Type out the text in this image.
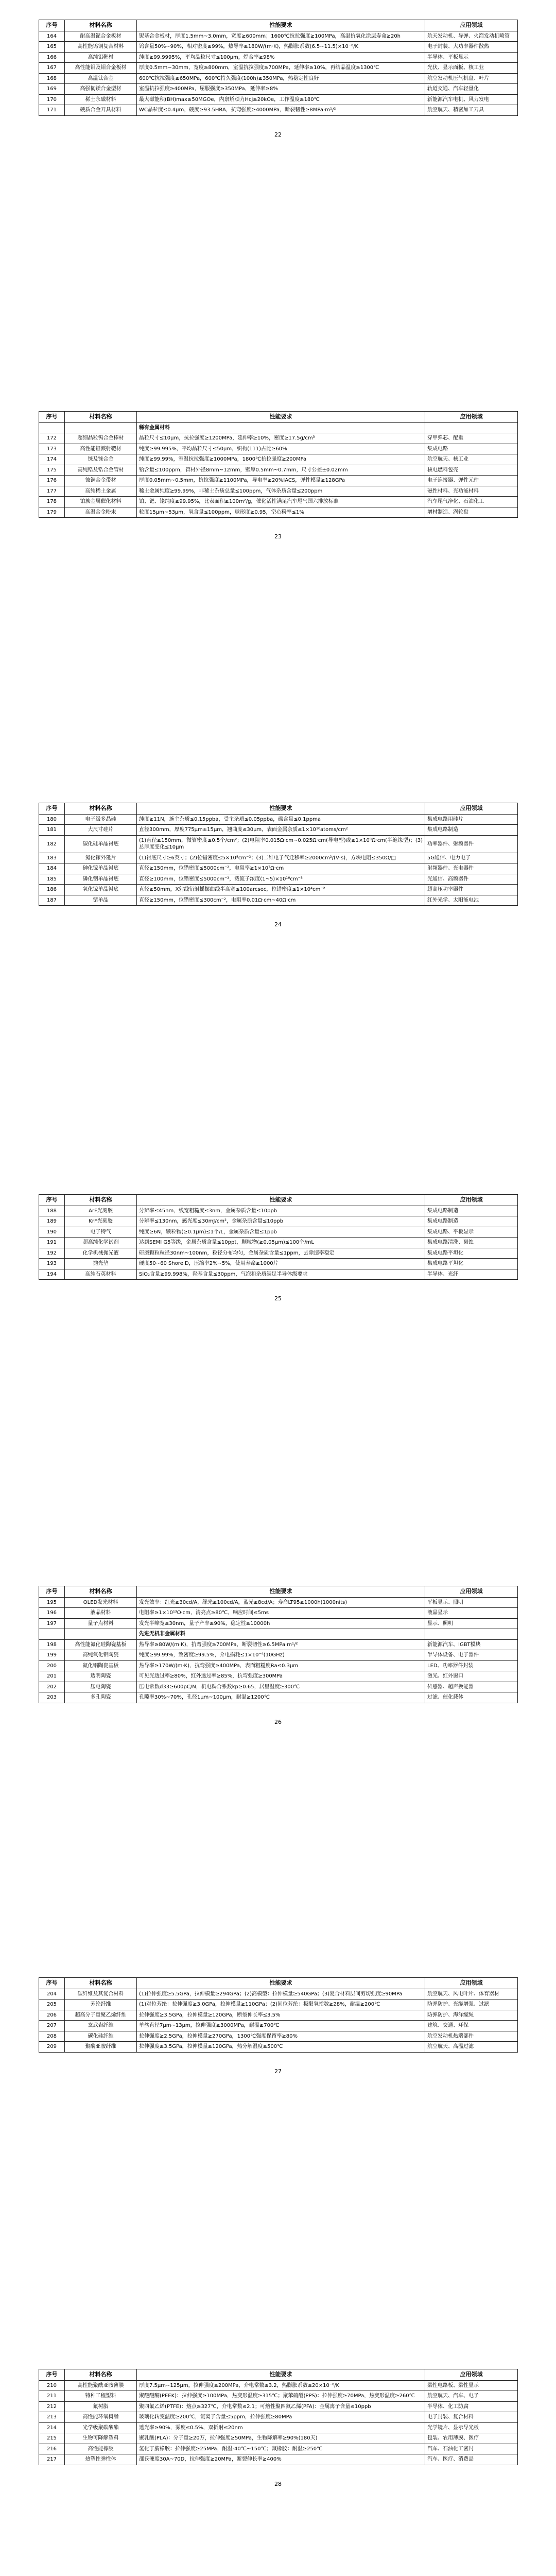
序号	材料名称	性能要求	应用领域
164	耐高温铌合金板材	铌基合金板材，厚度1.5mm~3.0mm，宽度≥600mm；1600℃抗拉强度≥100MPa，高温抗氧化涂层寿命≥20h	航天发动机、导弹、火箭发动机喷管
165	高性能钨铜复合材料	钨含量50%~90%，相对密度≥99%，热导率≥180W/(m·K)，热膨胀系数(6.5~11.5)×10⁻⁶/K	电子封装、大功率器件散热
166	高纯铝靶材	纯度≥99.9995%，平均晶粒尺寸≤100μm，焊合率≥98%	半导体、平板显示
167	高性能钼及钼合金板材	厚度0.5mm~30mm，宽度≥800mm，室温抗拉强度≥700MPa，延伸率≥10%，再结晶温度≥1300℃	光伏、显示面板、核工业
168	高温钛合金	600℃抗拉强度≥650MPa，600℃持久强度(100h)≥350MPa，热稳定性良好	航空发动机压气机盘、叶片
169	高强韧镁合金型材	室温抗拉强度≥400MPa，屈服强度≥350MPa，延伸率≥8%	轨道交通、汽车轻量化
170	稀土永磁材料	最大磁能积(BH)max≥50MGOe，内禀矫顽力Hcj≥20kOe，工作温度≥180℃	新能源汽车电机、风力发电
171	硬质合金刀具材料	WC晶粒度≤0.4μm，硬度≥93.5HRA，抗弯强度≥4000MPa，断裂韧性≥8MPa·m¹/²	航空航天、精密加工刀具
22
序号	材料名称	性能要求	应用领域
		稀有金属材料	
172	超细晶粒钨合金棒材	晶粒尺寸≤10μm，抗拉强度≥1200MPa，延伸率≥10%，密度≥17.5g/cm³	穿甲弹芯、配重
173	高性能钽溅射靶材	纯度≥99.995%，平均晶粒尺寸≤50μm，织构(111)占比≥60%	集成电路
174	铼及铼合金	纯度≥99.99%，室温抗拉强度≥1000MPa，1800℃抗拉强度≥200MPa	航空航天、核工业
175	高纯锆及锆合金管材	铪含量≤100ppm，管材外径8mm~12mm，壁厚0.5mm~0.7mm，尺寸公差±0.02mm	核电燃料包壳
176	铍铜合金带材	厚度0.05mm~0.5mm，抗拉强度≥1100MPa，导电率≥20%IACS，弹性模量≥128GPa	电子连接器、弹性元件
177	高纯稀土金属	稀土金属纯度≥99.99%，非稀土杂质总量≤100ppm，气体杂质含量≤200ppm	磁性材料、光功能材料
178	铂族金属催化材料	铂、钯、铑纯度≥99.95%，比表面积≥100m²/g，催化活性满足汽车尾气国六排放标准	汽车尾气净化、石油化工
179	高温合金粉末	粒度15μm~53μm，氧含量≤100ppm，球形度≥0.95，空心粉率≤1%	增材制造、涡轮盘
23
序号	材料名称	性能要求	应用领域
180	电子级多晶硅	纯度≥11N，施主杂质≤0.15ppba，受主杂质≤0.05ppba，碳含量≤0.1ppma	集成电路用硅片
181	大尺寸硅片	直径300mm，厚度775μm±15μm，翘曲度≤30μm，表面金属杂质≤1×10¹⁰atoms/cm²	集成电路制造
182	碳化硅单晶衬底	(1)直径≥150mm，微管密度≤0.5个/cm²；(2)电阻率0.015Ω·cm~0.025Ω·cm(导电型)或≥1×10⁹Ω·cm(半绝缘型)；(3)总厚度变化≤10μm	功率器件、射频器件
183	氮化镓外延片	(1)衬底尺寸≥6英寸；(2)位错密度≤5×10⁸cm⁻²；(3)二维电子气迁移率≥2000cm²/(V·s)，方块电阻≤350Ω/□	5G通信、电力电子
184	砷化镓单晶衬底	直径≥150mm，位错密度≤5000cm⁻²，电阻率≥1×10⁷Ω·cm	射频器件、光电器件
185	磷化铟单晶衬底	直径≥100mm，位错密度≤5000cm⁻²，载流子浓度(1~5)×10¹⁸cm⁻³	光通信、高频器件
186	氧化镓单晶衬底	直径≥50mm，X射线衍射摇摆曲线半高宽≤100arcsec，位错密度≤1×10⁴cm⁻²	超高压功率器件
187	锗单晶	直径≥150mm，位错密度≤300cm⁻²，电阻率0.01Ω·cm~40Ω·cm	红外光学、太阳能电池
24
序号	材料名称	性能要求	应用领域
188	ArF光刻胶	分辨率≤45nm，线宽粗糙度≤3nm，金属杂质含量≤10ppb	集成电路制造
189	KrF光刻胶	分辨率≤130nm，感光度≤30mJ/cm²，金属杂质含量≤10ppb	集成电路制造
190	电子特气	纯度≥6N，颗粒物(≥0.1μm)≤1个/L，金属杂质含量≤1ppb	集成电路、平板显示
191	超高纯化学试剂	达到SEMI G5等级，金属杂质含量≤10ppt，颗粒物(≥0.05μm)≤100个/mL	集成电路清洗、刻蚀
192	化学机械抛光液	研磨颗粒粒径30nm~100nm，粒径分布均匀，金属杂质含量≤1ppm，去除速率稳定	集成电路平坦化
193	抛光垫	硬度50~60 Shore D，压缩率2%~5%，使用寿命≥1000片	集成电路平坦化
194	高纯石英材料	SiO₂含量≥99.998%，羟基含量≤30ppm，气泡和杂质满足半导体级要求	半导体、光纤
25
序号	材料名称	性能要求	应用领域
195	OLED发光材料	发光效率：红光≥30cd/A，绿光≥100cd/A，蓝光≥8cd/A；寿命LT95≥1000h(1000nits)	平板显示、照明
196	液晶材料	电阻率≥1×10¹³Ω·cm，清亮点≥80℃，响应时间≤5ms	液晶显示
197	量子点材料	发光半峰宽≤30nm，量子产率≥90%，稳定性≥10000h	显示、照明
		先进无机非金属材料	
198	高性能氮化硅陶瓷基板	热导率≥80W/(m·K)，抗弯强度≥700MPa，断裂韧性≥6.5MPa·m¹/²	新能源汽车、IGBT模块
199	高纯氧化铝陶瓷	纯度≥99.99%，致密度≥99.5%，介电损耗≤1×10⁻⁴(10GHz)	半导体设备、电子器件
200	氮化铝陶瓷基板	热导率≥170W/(m·K)，抗弯强度≥400MPa，表面粗糙度Ra≤0.3μm	LED、功率器件封装
201	透明陶瓷	可见光透过率≥80%，红外透过率≥85%，抗弯强度≥300MPa	激光、红外窗口
202	压电陶瓷	压电常数d33≥600pC/N，机电耦合系数kp≥0.65，居里温度≥300℃	传感器、超声换能器
203	多孔陶瓷	孔隙率30%~70%，孔径1μm~100μm，耐温≥1200℃	过滤、催化载体
26
序号	材料名称	性能要求	应用领域
204	碳纤维及其复合材料	(1)拉伸强度≥5.5GPa，拉伸模量≥294GPa；(2)高模型：拉伸模量≥540GPa；(3)复合材料层间剪切强度≥90MPa	航空航天、风电叶片、体育器材
205	芳纶纤维	(1)对位芳纶：拉伸强度≥3.0GPa，拉伸模量≥110GPa；(2)间位芳纶：极限氧指数≥28%，耐温≥200℃	防弹防护、光缆增强、过滤
206	超高分子量聚乙烯纤维	拉伸强度≥3.5GPa，拉伸模量≥120GPa，断裂伸长率≤3.5%	防弹防护、海洋缆绳
207	玄武岩纤维	单丝直径7μm~13μm，拉伸强度≥3000MPa，耐温≥700℃	建筑、交通、环保
208	碳化硅纤维	拉伸强度≥2.5GPa，拉伸模量≥270GPa，1300℃强度保留率≥80%	航空发动机热端部件
209	聚酰亚胺纤维	拉伸强度≥3.5GPa，拉伸模量≥120GPa，热分解温度≥500℃	航空航天、高温过滤
27
序号	材料名称	性能要求	应用领域
210	高性能聚酰亚胺薄膜	厚度7.5μm~125μm，拉伸强度≥200MPa，介电常数≤3.2，热膨胀系数≤20×10⁻⁶/K	柔性电路板、柔性显示
211	特种工程塑料	聚醚醚酮(PEEK)：拉伸强度≥100MPa，热变形温度≥315℃；聚苯硫醚(PPS)：拉伸强度≥70MPa，热变形温度≥260℃	航空航天、汽车、电子
212	氟树脂	聚四氟乙烯(PTFE)：熔点≥327℃，介电常数≤2.1；可熔性聚四氟乙烯(PFA)：金属离子含量≤10ppb	半导体、化工防腐
213	高性能环氧树脂	玻璃化转变温度≥200℃，氯离子含量≤5ppm，拉伸强度≥80MPa	电子封装、复合材料
214	光学级聚碳酸酯	透光率≥90%，雾度≤0.5%，双折射≤20nm	光学镜片、显示导光板
215	生物可降解塑料	聚乳酸(PLA)：分子量≥20万，拉伸强度≥50MPa，生物降解率≥90%(180天)	包装、农用薄膜、医疗
216	高性能橡胶	氢化丁腈橡胶：拉伸强度≥25MPa，耐温-40℃~150℃；氟橡胶：耐温≥250℃	汽车、石油化工密封
217	热塑性弹性体	邵氏硬度30A~70D，拉伸强度≥20MPa，断裂伸长率≥400%	汽车、医疗、消费品
28
